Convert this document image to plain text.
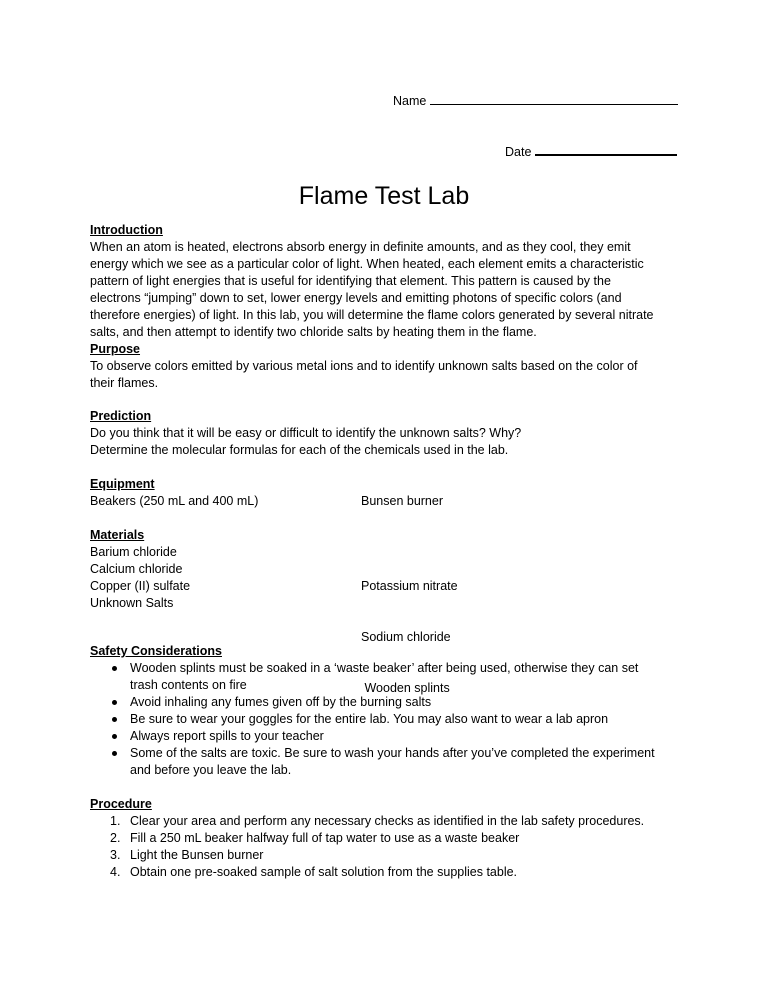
Name
Date
Flame Test Lab

Introduction

When an atom is heated, electrons absorb energy in definite amounts, and as they cool, they emit

energy which we see as a particular color of light. When heated, each element emits a characteristic

pattern of light energies that is useful for identifying that element. This pattern is caused by the

electrons “jumping” down to set, lower energy levels and emitting photons of specific colors (and

therefore energies) of light. In this lab, you will determine the flame colors generated by several nitrate

salts, and then attempt to identify two chloride salts by heating them in the flame.

Purpose

To observe colors emitted by various metal ions and to identify unknown salts based on the color of

their flames.

Prediction

Do you think that it will be easy or difficult to identify the unknown salts? Why?

Determine the molecular formulas for each of the chemicals used in the lab.

Equipment

Beakers (250 mL and 400 mL)	Bunsen burner

Materials

Barium chloride

Calcium chloride

Copper (II) sulfate

Unknown Salts

Potassium nitrate

Sodium chloride

Wooden splints

Safety Considerations

Wooden splints must be soaked in a ‘waste beaker’ after being used, otherwise they can set
trash contents on fire
Avoid inhaling any fumes given off by the burning salts
Be sure to wear your goggles for the entire lab. You may also want to wear a lab apron
Always report spills to your teacher
Some of the salts are toxic. Be sure to wash your hands after you’ve completed the experiment
and before you leave the lab.

Procedure

1. Clear your area and perform any necessary checks as identified in the lab safety procedures.
2. Fill a 250 mL beaker halfway full of tap water to use as a waste beaker
3. Light the Bunsen burner
4. Obtain one pre-soaked sample of salt solution from the supplies table.
